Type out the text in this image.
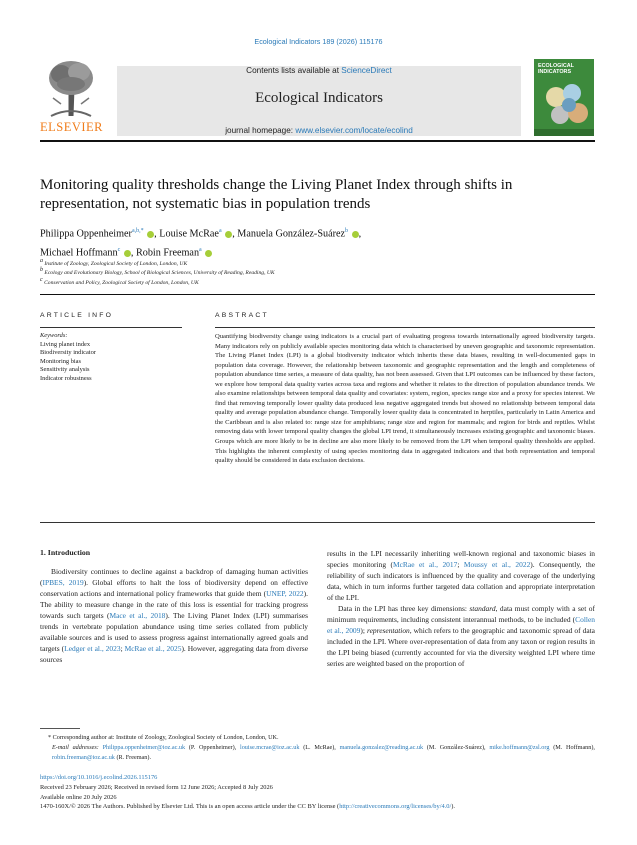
Ecological Indicators 189 (2026) 115176
ELSEVIER
Contents lists available at ScienceDirect
Ecological Indicators
journal homepage: www.elsevier.com/locate/ecolind
ECOLOGICAL INDICATORS
Monitoring quality thresholds change the Living Planet Index through shifts in representation, not systematic bias in population trends
Philippa Oppenheimer$^{a,b,*}$ , Louise McRae$^a$ , Manuela González-Suárez$^b$ ,
Michael Hoffmann$^c$ , Robin Freeman$^a$
$^a$ Institute of Zoology, Zoological Society of London, London, UK
$^b$ Ecology and Evolutionary Biology, School of Biological Sciences, University of Reading, Reading, UK
$^c$ Conservation and Policy, Zoological Society of London, London, UK
ARTICLE INFO
Keywords:
Living planet index
Biodiversity indicator
Monitoring bias
Sensitivity analysis
Indicator robustness
ABSTRACT
Quantifying biodiversity change using indicators is a crucial part of evaluating progress towards internationally agreed biodiversity targets. Many indicators rely on publicly available species monitoring data which is characterised by uneven geographic and taxonomic representation. The Living Planet Index (LPI) is a global biodiversity indicator which inherits these data biases, resulting in well-documented gaps in population data coverage. However, the relationship between taxonomic and geographic representation and the length and completeness of population abundance time series, a measure of data quality, has not been assessed. Given that LPI outcomes can be influenced by these factors, we explore how temporal data quality varies across taxa and regions and whether it relates to the direction of population abundance trends. We also examine relationships between temporal data quality and covariates: system, region, species range size and a proxy for species interest. We find that removing temporally lower quality data produced less negative aggregated trends but showed no relationship between temporal data quality and average population abundance change. Temporally lower quality data is concentrated in herptiles, particularly in Latin America and the Caribbean and is also related to: range size for amphibians; range size and region for mammals; and region for birds and reptiles. Whilst removing data with lower temporal quality changes the global LPI trend, it simultaneously increases existing geographic and taxonomic biases. Groups which are more likely to be in decline are also more likely to be removed from the LPI when temporal quality thresholds are applied. This highlights the inherent complexity of using species monitoring data in aggregated indicators and that both representation and temporal quality should be considered in data exclusion decisions.
1. Introduction

Biodiversity continues to decline against a backdrop of damaging human activities (IPBES, 2019). Global efforts to halt the loss of biodiversity depend on effective conservation actions and international policy frameworks that guide them (UNEP, 2022). The ability to measure change in the rate of this loss is essential for tracking progress towards such targets (Mace et al., 2018). The Living Planet Index (LPI) summarises trends in vertebrate population abundance using time series collated from publicly available sources and is used to assess progress against internationally agreed goals and targets (Ledger et al., 2023; McRae et al., 2025). However, aggregating data from diverse sources

results in the LPI necessarily inheriting well-known regional and taxonomic biases in species monitoring (McRae et al., 2017; Moussy et al., 2022). Consequently, the reliability of such indicators is influenced by the quality and coverage of the underlying data, which in turn informs further targeted data collation and appropriate interpretation of the LPI.

Data in the LPI has three key dimensions: standard, data must comply with a set of minimum requirements, including consistent interannual methods, to be included (Collen et al., 2009); representation, which refers to the geographic and taxonomic spread of data included in the LPI. Where over-representation of data from any taxon or region results in the LPI being biased (currently accounted for via the diversity weighted LPI where time series are weighted based on the proportion of

* Corresponding author at: Institute of Zoology, Zoological Society of London, London, UK.
E-mail addresses: Philippa.oppenheimer@ioz.ac.uk (P. Oppenheimer), louise.mcrae@ioz.ac.uk (L. McRae), manuela.gonzalez@reading.ac.uk (M. González-Suárez), mike.hoffmann@zsl.org (M. Hoffmann), robin.freeman@ioz.ac.uk (R. Freeman).
https://doi.org/10.1016/j.ecolind.2026.115176
Received 23 February 2026; Received in revised form 12 June 2026; Accepted 8 July 2026
Available online 20 July 2026
1470-160X/© 2026 The Authors. Published by Elsevier Ltd. This is an open access article under the CC BY license (http://creativecommons.org/licenses/by/4.0/).
